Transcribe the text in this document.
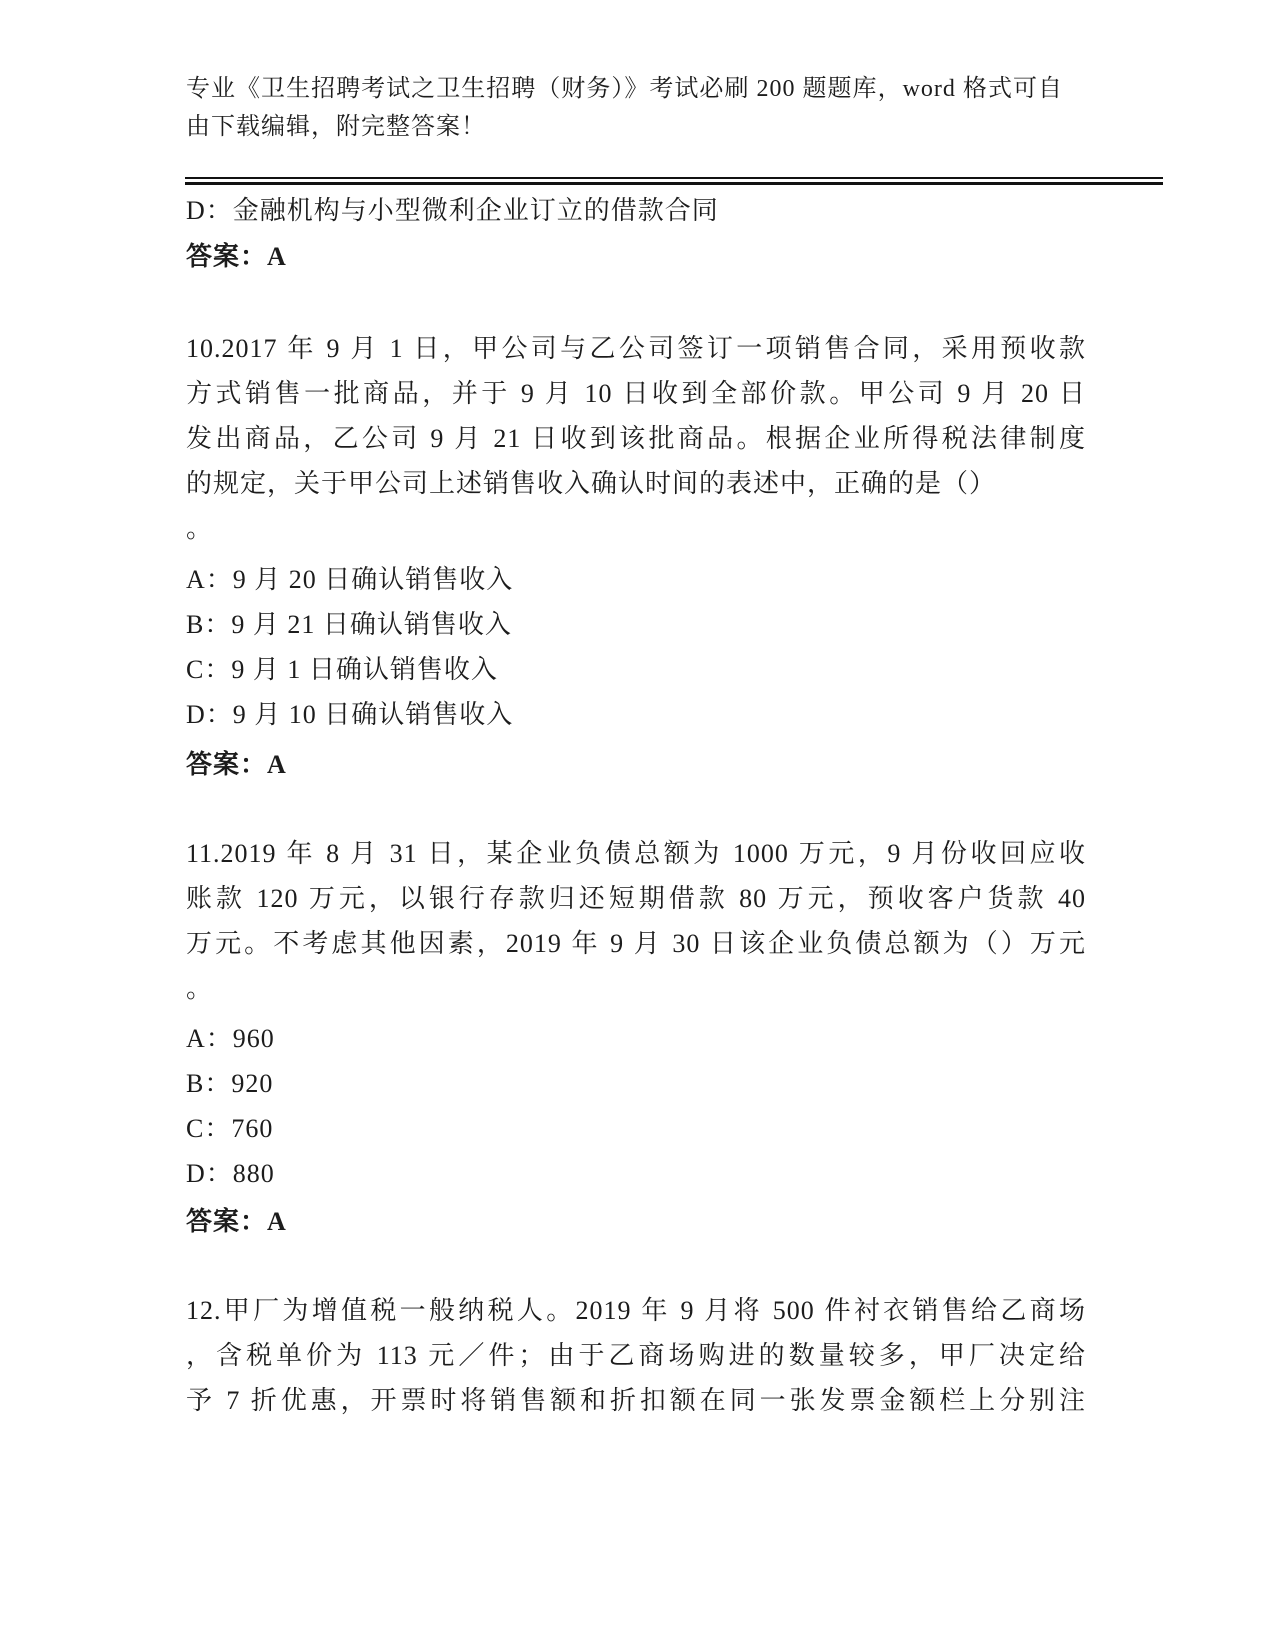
专业《卫生招聘考试之卫生招聘（财务）》考试必刷 200 题题库，word 格式可自
由下载编辑，附完整答案！
D：金融机构与小型微利企业订立的借款合同
答案：A
10.2017 年 9 月 1 日，甲公司与乙公司签订一项销售合同，采用预收款
方式销售一批商品，并于 9 月 10 日收到全部价款。甲公司 9 月 20 日
发出商品，乙公司 9 月 21 日收到该批商品。根据企业所得税法律制度
的规定，关于甲公司上述销售收入确认时间的表述中，正确的是（）
。
A：9 月 20 日确认销售收入
B：9 月 21 日确认销售收入
C：9 月 1 日确认销售收入
D：9 月 10 日确认销售收入
答案：A
11.2019 年 8 月 31 日，某企业负债总额为 1000 万元，9 月份收回应收
账款 120 万元，以银行存款归还短期借款 80 万元，预收客户货款 40
万元。不考虑其他因素，2019 年 9 月 30 日该企业负债总额为（）万元
。
A：960
B：920
C：760
D：880
答案：A
12.甲厂为增值税一般纳税人。2019 年 9 月将 500 件衬衣销售给乙商场
，含税单价为 113 元／件；由于乙商场购进的数量较多，甲厂决定给
予 7 折优惠，开票时将销售额和折扣额在同一张发票金额栏上分别注
